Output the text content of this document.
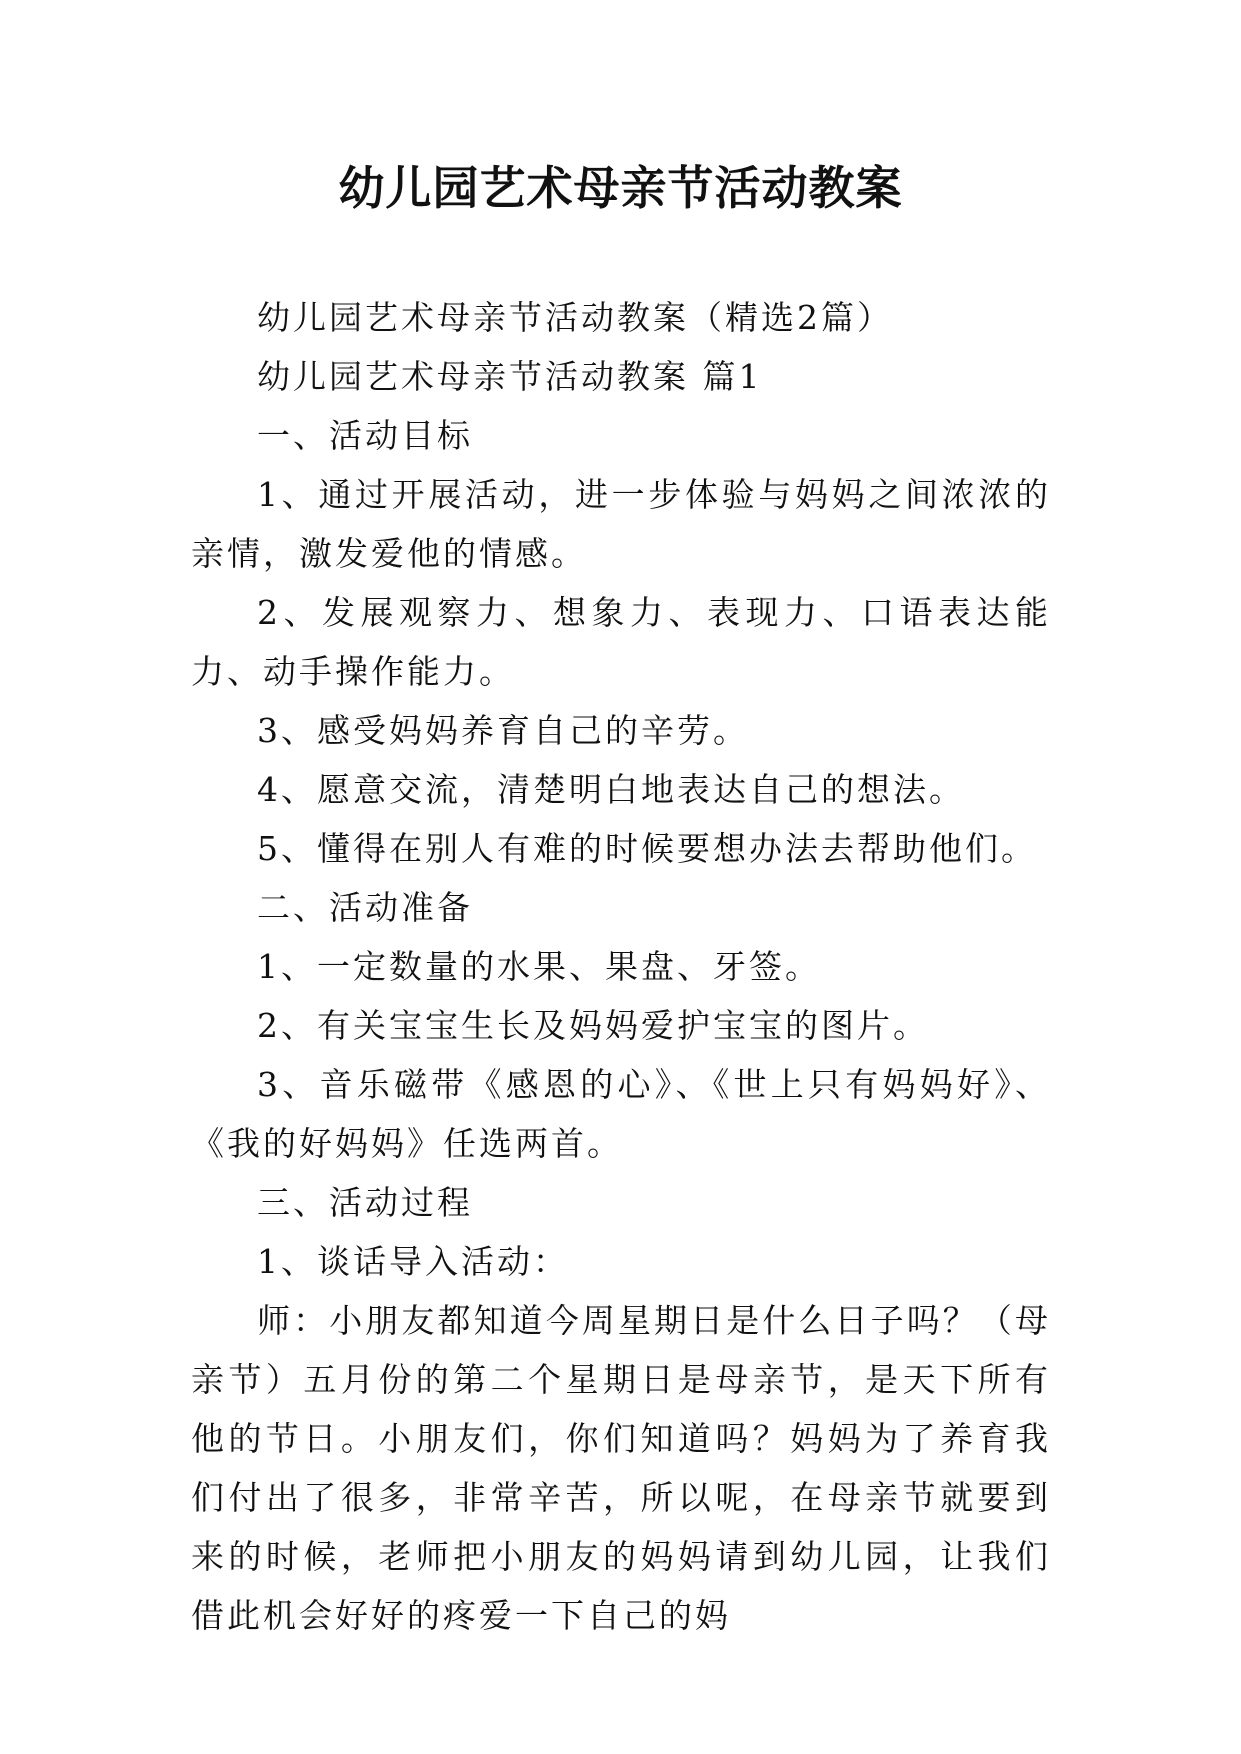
幼儿园艺术母亲节活动教案

幼儿园艺术母亲节活动教案（精选2篇）

幼儿园艺术母亲节活动教案 篇1

一、活动目标

1、通过开展活动，进一步体验与妈妈之间浓浓的亲情，激发爱他的情感。

2、发展观察力、想象力、表现力、口语表达能力、动手操作能力。

3、感受妈妈养育自己的辛劳。

4、愿意交流，清楚明白地表达自己的想法。

5、懂得在别人有难的时候要想办法去帮助他们。

二、活动准备

1、一定数量的水果、果盘、牙签。

2、有关宝宝生长及妈妈爱护宝宝的图片。

3、音乐磁带《感恩的心》、《世上只有妈妈好》、《我的好妈妈》任选两首。

三、活动过程

1、谈话导入活动：

师：小朋友都知道今周星期日是什么日子吗？（母亲节）五月份的第二个星期日是母亲节，是天下所有他的节日。小朋友们，你们知道吗？妈妈为了养育我们付出了很多，非常辛苦，所以呢，在母亲节就要到来的时候，老师把小朋友的妈妈请到幼儿园，让我们借此机会好好的疼爱一下自己的妈
